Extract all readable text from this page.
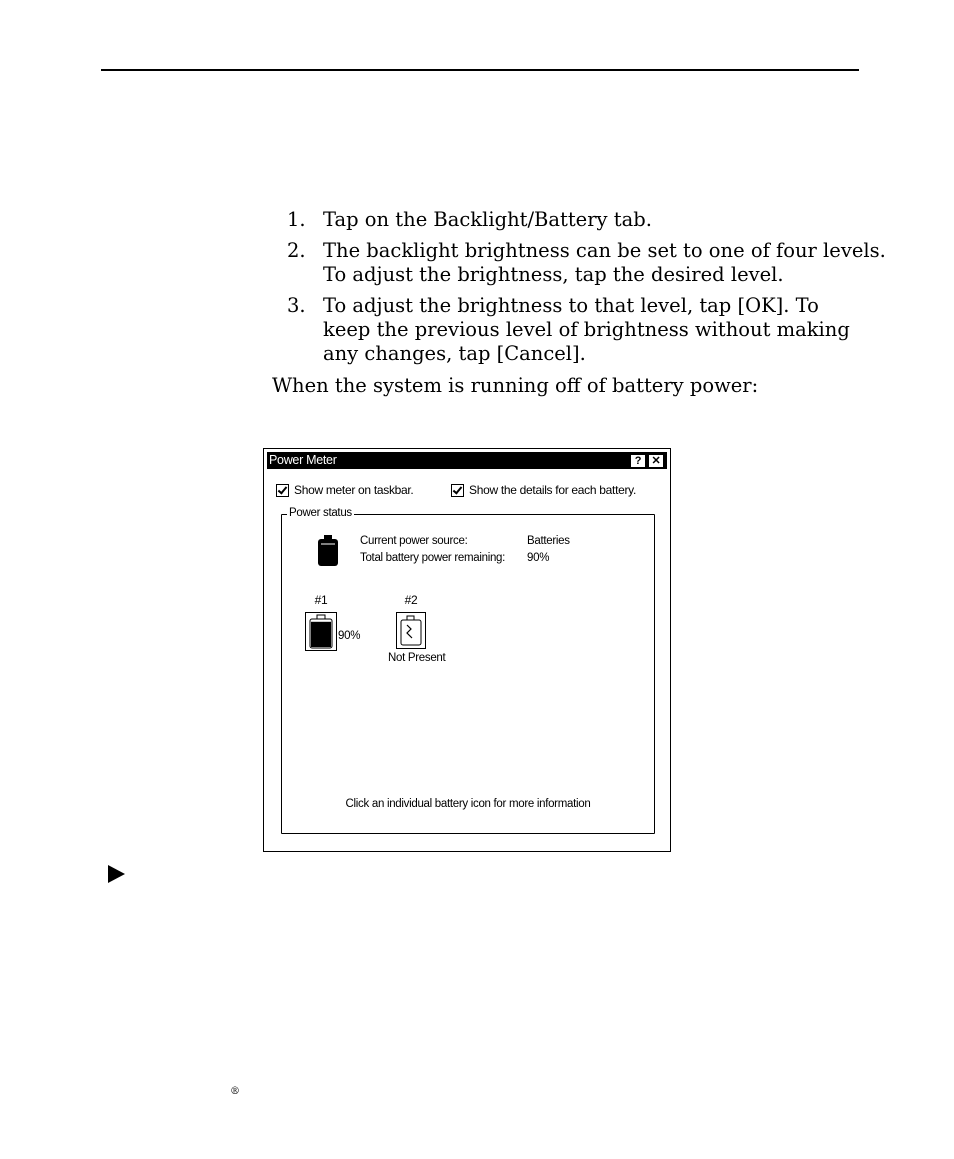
1. Tap on the Backlight/Battery tab.
2. The backlight brightness can be set to one of four levels.
To adjust the brightness, tap the desired level.
3. To adjust the brightness to that level, tap [OK]. To
keep the previous level of brightness without making
any changes, tap [Cancel].
When the system is running off of battery power:
Power Meter	? ✕
Show meter on taskbar.	Show the details for each battery.
Power status
Current power source:	Batteries
Total battery power remaining: 90%
#1	#2
90%
Not Present
Click an individual battery icon for more information
®
